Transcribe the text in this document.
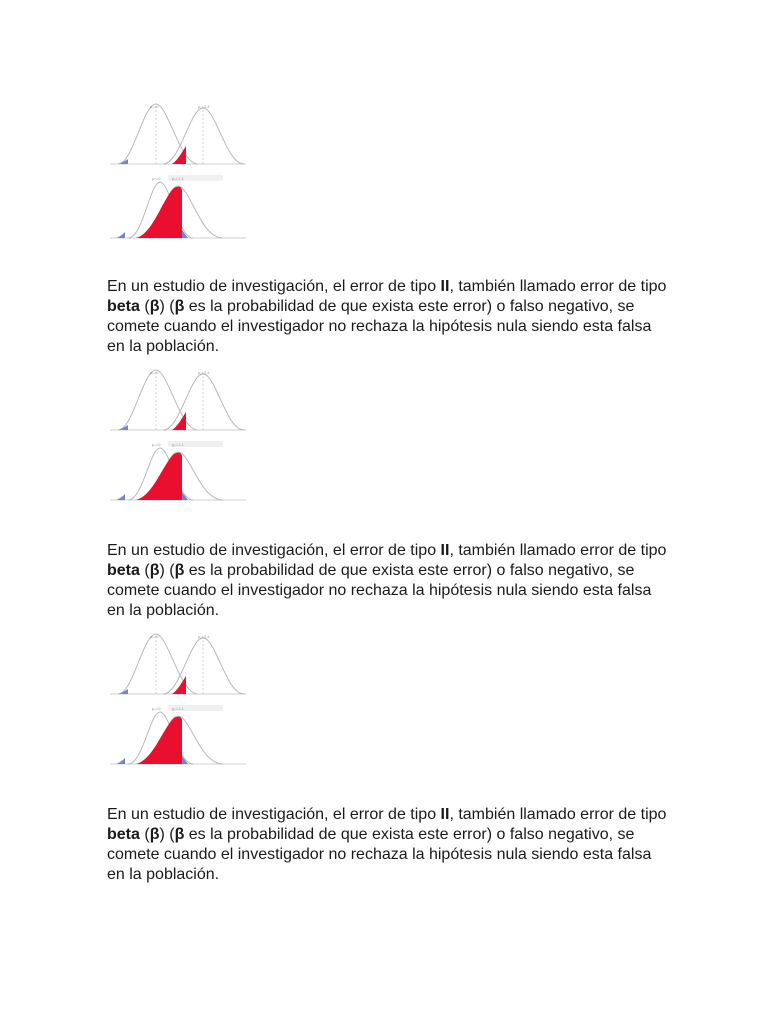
μ₀=0	μ₁=2.4
μ₀=0	μ₁=1.1

En un estudio de investigación, el error de tipo II, también llamado error de tipo beta (β) (β es la probabilidad de que exista este error) o falso negativo, se comete cuando el investigador no rechaza la hipótesis nula siendo esta falsa en la población.

μ₀=0	μ₁=2.4
μ₀=0	μ₁=1.1

En un estudio de investigación, el error de tipo II, también llamado error de tipo beta (β) (β es la probabilidad de que exista este error) o falso negativo, se comete cuando el investigador no rechaza la hipótesis nula siendo esta falsa en la población.

μ₀=0	μ₁=2.4
μ₀=0	μ₁=1.1

En un estudio de investigación, el error de tipo II, también llamado error de tipo beta (β) (β es la probabilidad de que exista este error) o falso negativo, se comete cuando el investigador no rechaza la hipótesis nula siendo esta falsa en la población.
